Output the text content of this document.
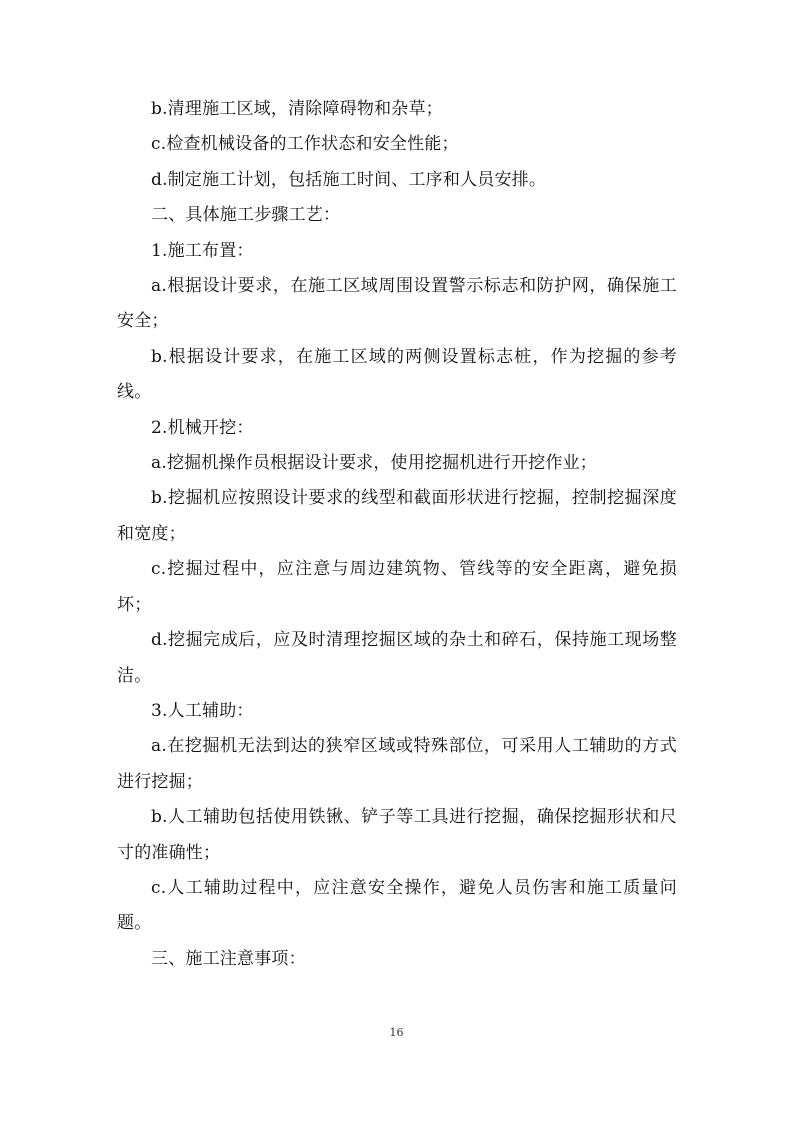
b.清理施工区域，清除障碍物和杂草；

c.检查机械设备的工作状态和安全性能；

d.制定施工计划，包括施工时间、工序和人员安排。

二、具体施工步骤工艺：

1.施工布置：

a.根据设计要求，在施工区域周围设置警示标志和防护网，确保施工安全；

b.根据设计要求，在施工区域的两侧设置标志桩，作为挖掘的参考线。

2.机械开挖：

a.挖掘机操作员根据设计要求，使用挖掘机进行开挖作业；

b.挖掘机应按照设计要求的线型和截面形状进行挖掘，控制挖掘深度和宽度；

c.挖掘过程中，应注意与周边建筑物、管线等的安全距离，避免损坏；

d.挖掘完成后，应及时清理挖掘区域的杂土和碎石，保持施工现场整洁。

3.人工辅助：

a.在挖掘机无法到达的狭窄区域或特殊部位，可采用人工辅助的方式进行挖掘；

b.人工辅助包括使用铁锹、铲子等工具进行挖掘，确保挖掘形状和尺寸的准确性；

c.人工辅助过程中，应注意安全操作，避免人员伤害和施工质量问题。

三、施工注意事项：

16
